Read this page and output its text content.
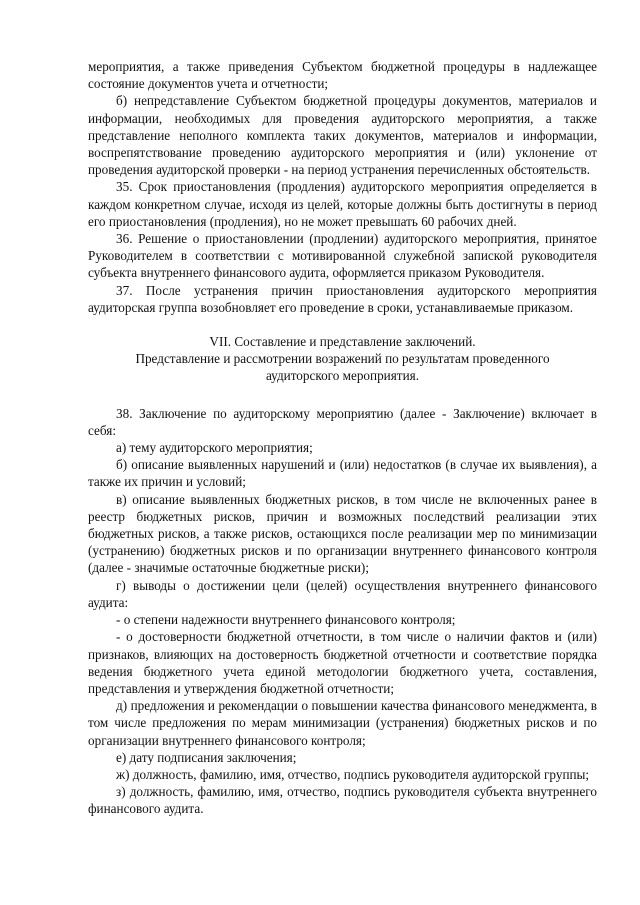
мероприятия, а также приведения Субъектом бюджетной процедуры в надлежащее состояние документов учета и отчетности;

б) непредставление Субъектом бюджетной процедуры документов, материалов и информации, необходимых для проведения аудиторского мероприятия, а также представление неполного комплекта таких документов, материалов и информации, воспрепятствование проведению аудиторского мероприятия и (или) уклонение от проведения аудиторской проверки - на период устранения перечисленных обстоятельств.

35. Срок приостановления (продления) аудиторского мероприятия определяется в каждом конкретном случае, исходя из целей, которые должны быть достигнуты в период его приостановления (продления), но не может превышать 60 рабочих дней.

36. Решение о приостановлении (продлении) аудиторского мероприятия, принятое Руководителем в соответствии с мотивированной служебной запиской руководителя субъекта внутреннего финансового аудита, оформляется приказом Руководителя.

37. После устранения причин приостановления аудиторского мероприятия аудиторская группа возобновляет его проведение в сроки, устанавливаемые приказом.

VII. Составление и представление заключений.

Представление и рассмотрении возражений по результатам проведенного

аудиторского мероприятия.

38. Заключение по аудиторскому мероприятию (далее - Заключение) включает в себя:

а) тему аудиторского мероприятия;

б) описание выявленных нарушений и (или) недостатков (в случае их выявления), а также их причин и условий;

в) описание выявленных бюджетных рисков, в том числе не включенных ранее в реестр бюджетных рисков, причин и возможных последствий реализации этих бюджетных рисков, а также рисков, остающихся после реализации мер по минимизации (устранению) бюджетных рисков и по организации внутреннего финансового контроля (далее - значимые остаточные бюджетные риски);

г) выводы о достижении цели (целей) осуществления внутреннего финансового аудита:

- о степени надежности внутреннего финансового контроля;

- о достоверности бюджетной отчетности, в том числе о наличии фактов и (или) признаков, влияющих на достоверность бюджетной отчетности и соответствие порядка ведения бюджетного учета единой методологии бюджетного учета, составления, представления и утверждения бюджетной отчетности;

д) предложения и рекомендации о повышении качества финансового менеджмента, в том числе предложения по мерам минимизации (устранения) бюджетных рисков и по организации внутреннего финансового контроля;

е) дату подписания заключения;

ж) должность, фамилию, имя, отчество, подпись руководителя аудиторской группы;

з) должность, фамилию, имя, отчество, подпись руководителя субъекта внутреннего финансового аудита.
